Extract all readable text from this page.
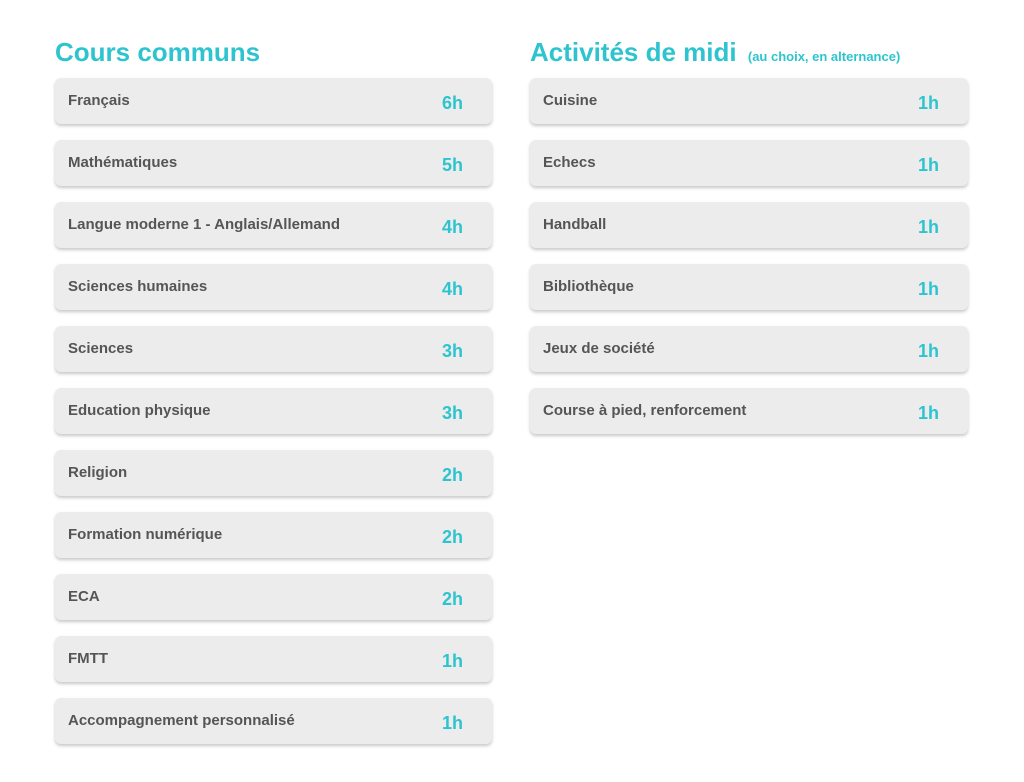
Cours communs
Français	6h
Mathématiques	5h
Langue moderne 1 - Anglais/Allemand	4h
Sciences humaines	4h
Sciences	3h
Education physique	3h
Religion	2h
Formation numérique	2h
ECA	2h
FMTT	1h
Accompagnement personnalisé	1h
Activités de midi (au choix, en alternance)
Cuisine	1h
Echecs	1h
Handball	1h
Bibliothèque	1h
Jeux de société	1h
Course à pied, renforcement	1h
